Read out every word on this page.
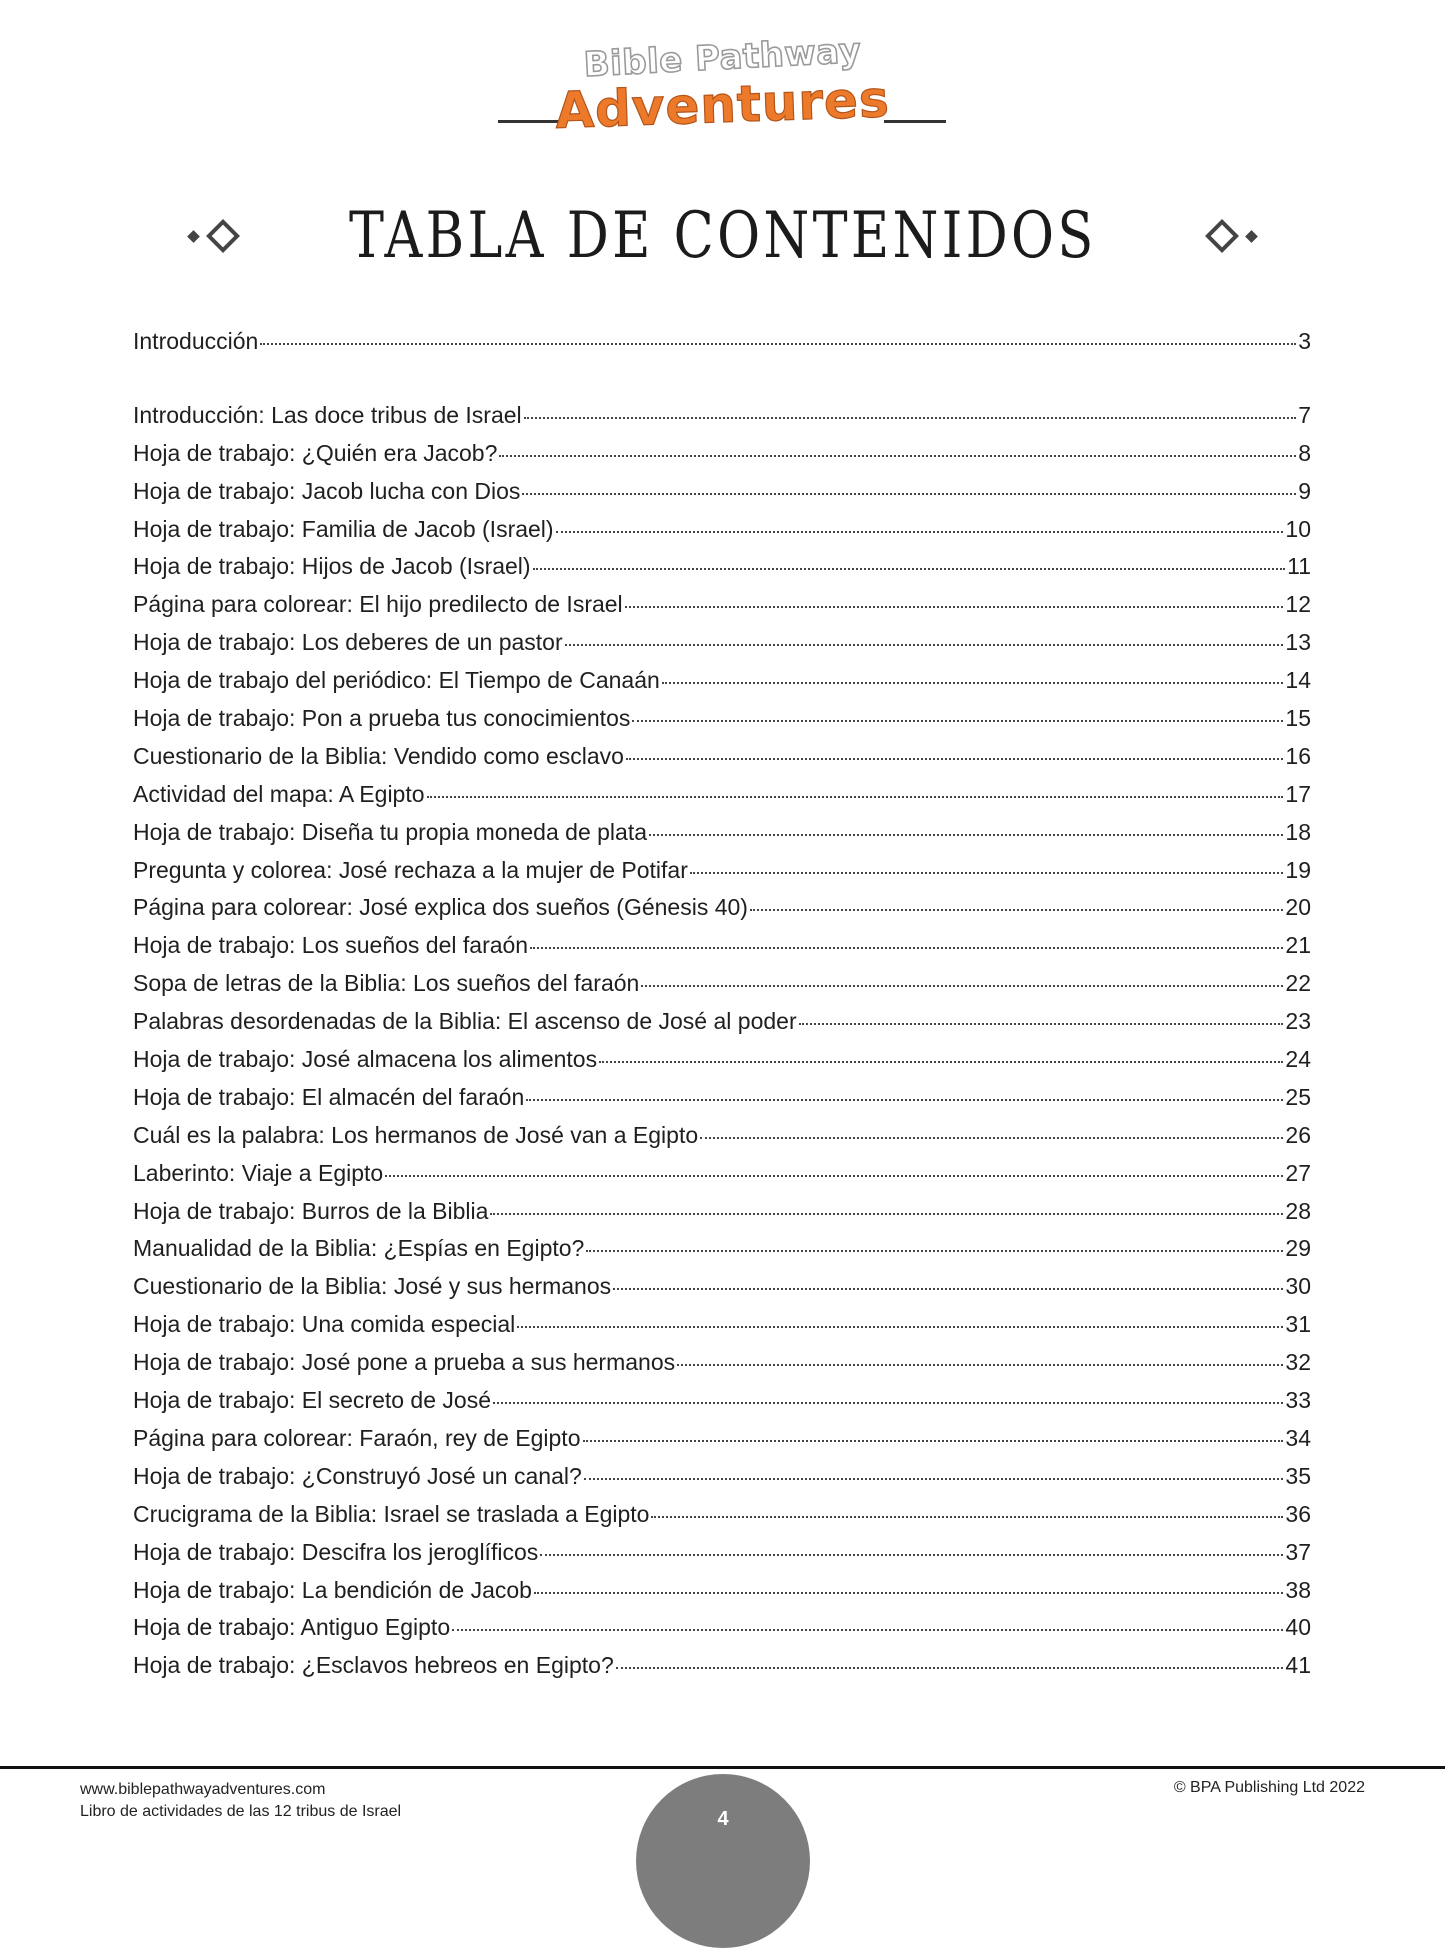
Bible Pathway
Adventures
TABLA DE CONTENIDOS
Introducción	3
Introducción: Las doce tribus de Israel	7
Hoja de trabajo: ¿Quién era Jacob?	8
Hoja de trabajo: Jacob lucha con Dios	9
Hoja de trabajo: Familia de Jacob (Israel)	10
Hoja de trabajo: Hijos de Jacob (Israel)	11
Página para colorear: El hijo predilecto de Israel	12
Hoja de trabajo: Los deberes de un pastor	13
Hoja de trabajo del periódico: El Tiempo de Canaán	14
Hoja de trabajo: Pon a prueba tus conocimientos	15
Cuestionario de la Biblia: Vendido como esclavo	16
Actividad del mapa: A Egipto	17
Hoja de trabajo: Diseña tu propia moneda de plata	18
Pregunta y colorea: José rechaza a la mujer de Potifar	19
Página para colorear: José explica dos sueños (Génesis 40)	20
Hoja de trabajo: Los sueños del faraón	21
Sopa de letras de la Biblia: Los sueños del faraón	22
Palabras desordenadas de la Biblia: El ascenso de José al poder	23
Hoja de trabajo: José almacena los alimentos	24
Hoja de trabajo: El almacén del faraón	25
Cuál es la palabra: Los hermanos de José van a Egipto	26
Laberinto: Viaje a Egipto	27
Hoja de trabajo: Burros de la Biblia	28
Manualidad de la Biblia: ¿Espías en Egipto?	29
Cuestionario de la Biblia: José y sus hermanos	30
Hoja de trabajo: Una comida especial	31
Hoja de trabajo: José pone a prueba a sus hermanos	32
Hoja de trabajo: El secreto de José	33
Página para colorear: Faraón, rey de Egipto	34
Hoja de trabajo: ¿Construyó José un canal?	35
Crucigrama de la Biblia: Israel se traslada a Egipto	36
Hoja de trabajo: Descifra los jeroglíficos	37
Hoja de trabajo: La bendición de Jacob	38
Hoja de trabajo: Antiguo Egipto	40
Hoja de trabajo: ¿Esclavos hebreos en Egipto?	41
www.biblepathwayadventures.com
Libro de actividades de las 12 tribus de Israel
© BPA Publishing Ltd 2022
4
